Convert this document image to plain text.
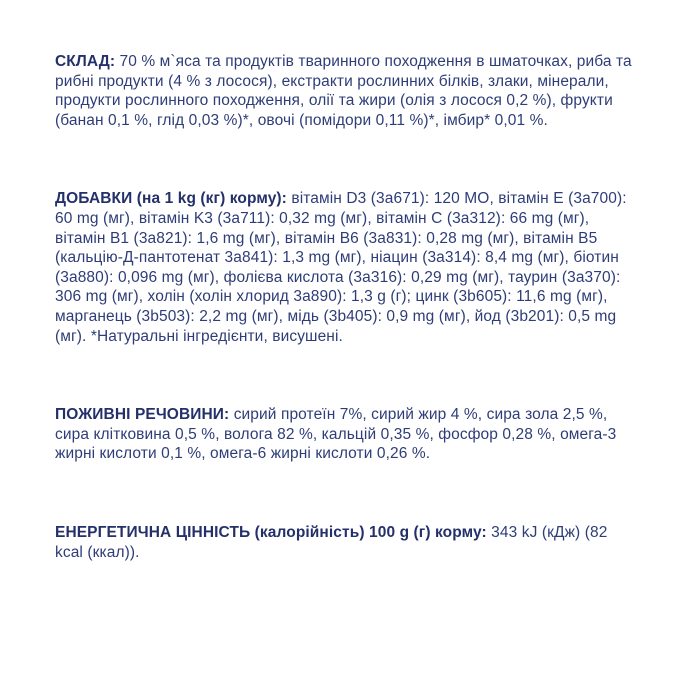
СКЛАД: 70 % м`яса та продуктів тваринного походження в шматочках, риба та рибні продукти (4 % з лосося), екстракти рослинних білків, злаки, мінерали, продукти рослинного походження, олії та жири (олія з лосося 0,2 %), фрукти (банан 0,1 %, глід 0,03 %)*, овочі (помідори 0,11 %)*, імбир* 0,01 %.

ДОБАВКИ (на 1 kg (кг) корму): вітамін D3 (3a671): 120 МО, вітамін E (3a700): 60 mg (мг), вітамін K3 (3a711): 0,32 mg (мг), вітамін C (3a312): 66 mg (мг), вітамін B1 (3a821): 1,6 mg (мг), вітамін B6 (3a831): 0,28 mg (мг), вітамін B5 (кальцію-Д-пантотенат 3a841): 1,3 mg (мг), ніацин (3a314): 8,4 mg (мг), біотин (3a880): 0,096 mg (мг), фолієва кислота (3a316): 0,29 mg (мг), таурин (3a370): 306 mg (мг), холін (холін хлорид 3a890): 1,3 g (г); цинк (3b605): 11,6 mg (мг), марганець (3b503): 2,2 mg (мг), мідь (3b405): 0,9 mg (мг), йод (3b201): 0,5 mg (мг). *Натуральні інгредієнти, висушені.

ПОЖИВНІ РЕЧОВИНИ: сирий протеїн 7%, сирий жир 4 %, сира зола 2,5 %, сира клітковина 0,5 %, волога 82 %, кальцій 0,35 %, фосфор 0,28 %, омега-3 жирні кислоти 0,1 %, омега-6 жирні кислоти 0,26 %.

ЕНЕРГЕТИЧНА ЦІННІСТЬ (калорійність) 100 g (г) корму: 343 kJ (кДж) (82 kcal (ккал)).
